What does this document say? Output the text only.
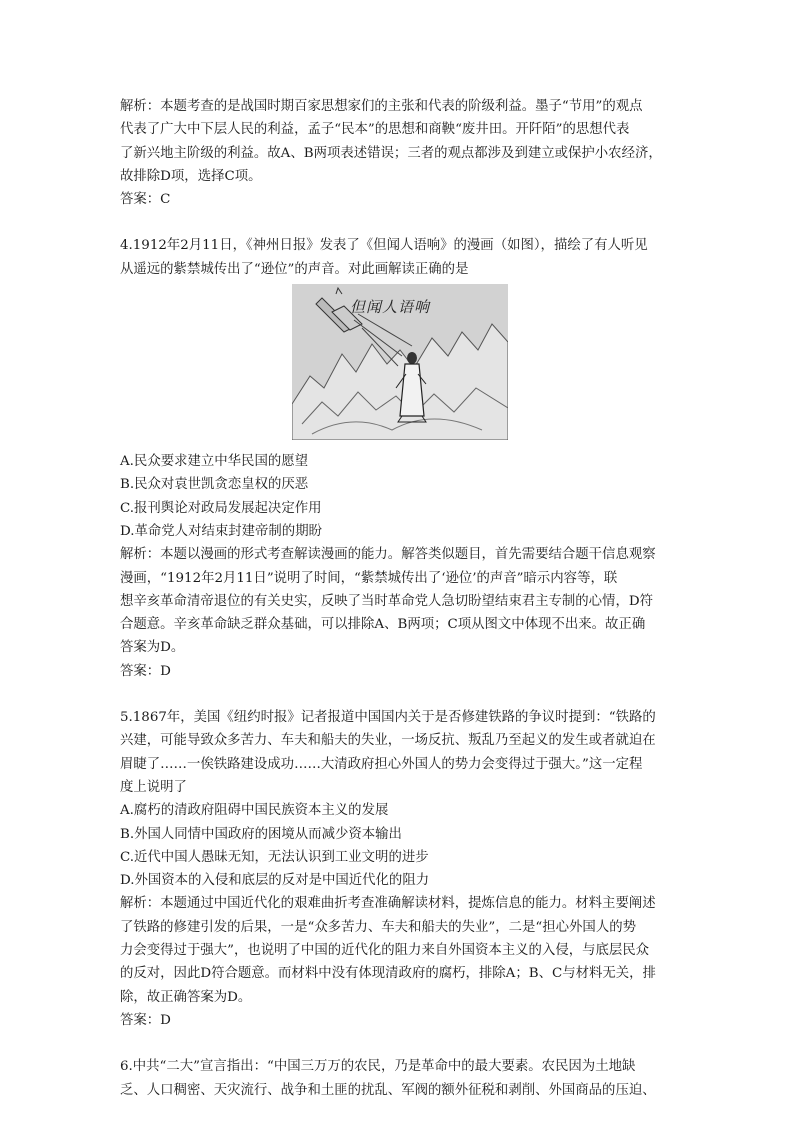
解析：本题考查的是战国时期百家思想家们的主张和代表的阶级利益。墨子“节用”的观点

代表了广大中下层人民的利益，孟子“民本”的思想和商鞅“废井田。开阡陌”的思想代表

了新兴地主阶级的利益。故A、B两项表述错误；三者的观点都涉及到建立或保护小农经济，

故排除D项，选择C项。

答案：C

4.1912年2月11日，《神州日报》发表了《但闻人语响》的漫画（如图），描绘了有人听见

从遥远的紫禁城传出了“逊位”的声音。对此画解读正确的是

但闻人语响

A.民众要求建立中华民国的愿望

B.民众对袁世凯贪恋皇权的厌恶

C.报刊舆论对政局发展起决定作用

D.革命党人对结束封建帝制的期盼

解析：本题以漫画的形式考查解读漫画的能力。解答类似题目，首先需要结合题干信息观察

漫画，“1912年2月11日”说明了时间，“紫禁城传出了‘逊位’的声音”暗示内容等，联

想辛亥革命清帝退位的有关史实，反映了当时革命党人急切盼望结束君主专制的心情，D符

合题意。辛亥革命缺乏群众基础，可以排除A、B两项；C项从图文中体现不出来。故正确

答案为D。

答案：D

5.1867年，美国《纽约时报》记者报道中国国内关于是否修建铁路的争议时提到：“铁路的

兴建，可能导致众多苦力、车夫和船夫的失业，一场反抗、叛乱乃至起义的发生或者就迫在

眉睫了……一俟铁路建设成功……大清政府担心外国人的势力会变得过于强大。”这一定程

度上说明了

A.腐朽的清政府阻碍中国民族资本主义的发展

B.外国人同情中国政府的困境从而减少资本输出

C.近代中国人愚昧无知，无法认识到工业文明的进步

D.外国资本的入侵和底层的反对是中国近代化的阻力

解析：本题通过中国近代化的艰难曲折考查准确解读材料，提炼信息的能力。材料主要阐述

了铁路的修建引发的后果，一是“众多苦力、车夫和船夫的失业”，二是“担心外国人的势

力会变得过于强大”，也说明了中国的近代化的阻力来自外国资本主义的入侵，与底层民众

的反对，因此D符合题意。而材料中没有体现清政府的腐朽，排除A；B、C与材料无关，排

除，故正确答案为D。

答案：D

6.中共“二大”宣言指出：“中国三万万的农民，乃是革命中的最大要素。农民因为土地缺

乏、人口稠密、天灾流行、战争和土匪的扰乱、军阀的额外征税和剥削、外国商品的压迫、
